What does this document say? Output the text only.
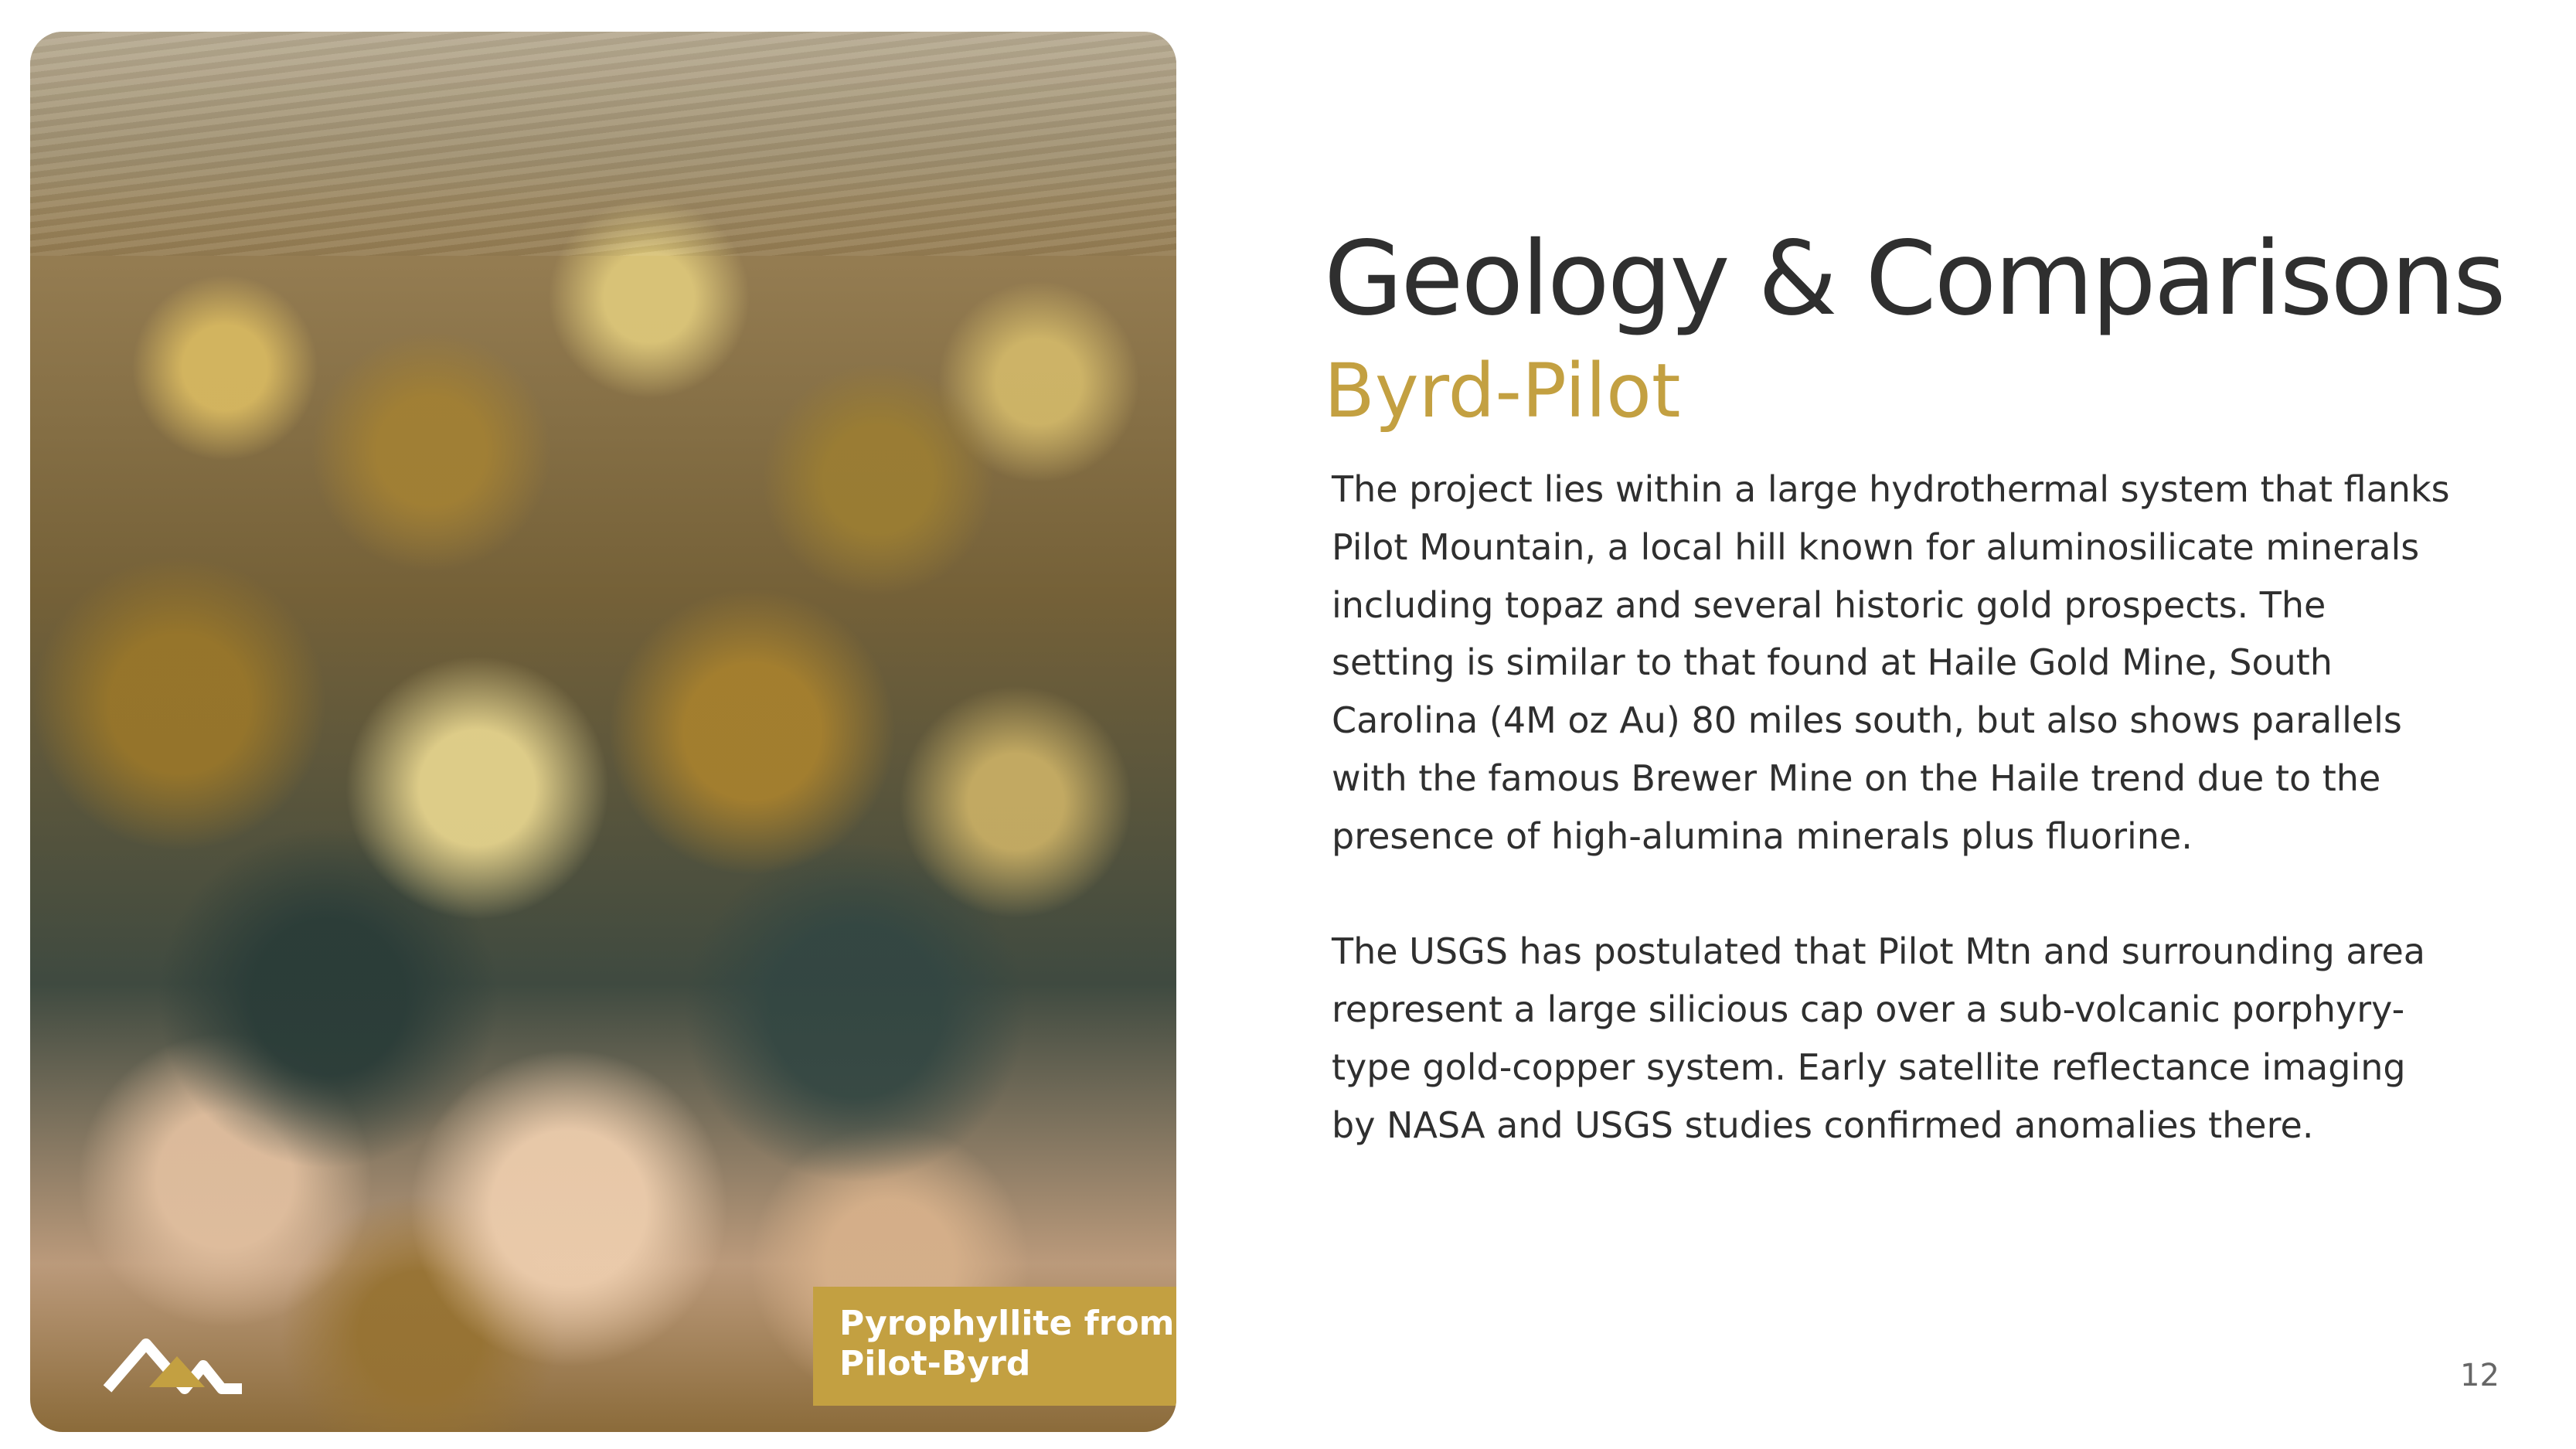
Pyrophyllite from
Pilot-Byrd
Geology & Comparisons
Byrd-Pilot
The project lies within a large hydrothermal system that flanks
Pilot Mountain, a local hill known for aluminosilicate minerals
including topaz and several historic gold prospects. The
setting is similar to that found at Haile Gold Mine, South
Carolina (4M oz Au) 80 miles south, but also shows parallels
with the famous Brewer Mine on the Haile trend due to the
presence of high-alumina minerals plus fluorine.
The USGS has postulated that Pilot Mtn and surrounding area
represent a large silicious cap over a sub-volcanic porphyry-
type gold-copper system. Early satellite reflectance imaging
by NASA and USGS studies confirmed anomalies there.
12
